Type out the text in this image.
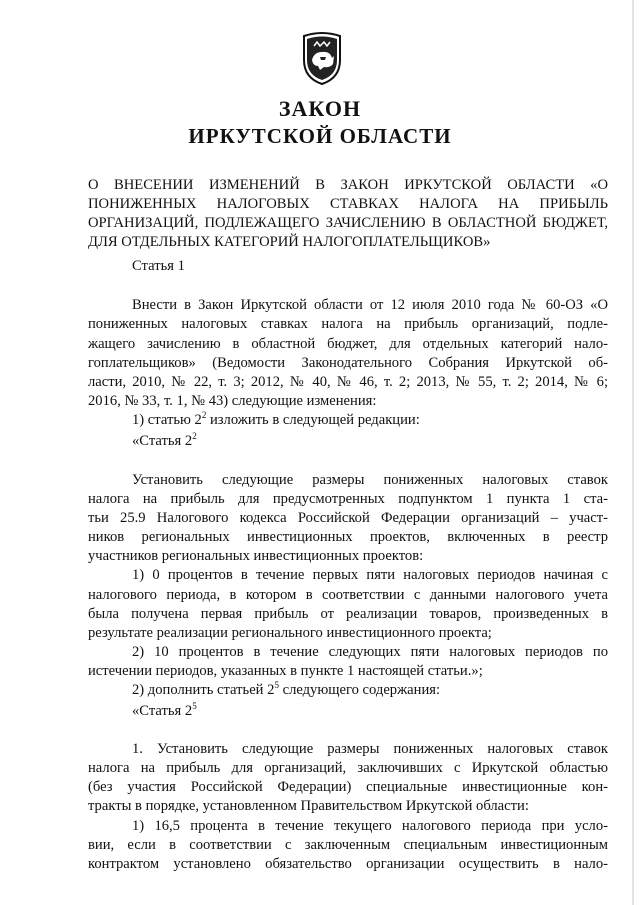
ЗАКОН
ИРКУТСКОЙ ОБЛАСТИ
О ВНЕСЕНИИ ИЗМЕНЕНИЙ В ЗАКОН ИРКУТСКОЙ ОБЛАСТИ «О ПОНИЖЕННЫХ НАЛОГОВЫХ СТАВКАХ НАЛОГА НА ПРИБЫЛЬ ОРГАНИЗАЦИЙ, ПОДЛЕЖАЩЕГО ЗАЧИСЛЕНИЮ В ОБЛАСТНОЙ БЮДЖЕТ, ДЛЯ ОТДЕЛЬНЫХ КАТЕГОРИЙ НАЛОГОПЛАТЕЛЬЩИКОВ»
Статья 1
Внести в Закон Иркутской области от 12 июля 2010 года № 60-ОЗ «О
пониженных налоговых ставках налога на прибыль организаций, подле-
жащего зачислению в областной бюджет, для отдельных категорий нало-
гоплательщиков» (Ведомости Законодательного Собрания Иркутской об-
ласти, 2010, № 22, т. 3; 2012, № 40, № 46, т. 2; 2013, № 55, т. 2; 2014, № 6;
2016, № 33, т. 1, № 43) следующие изменения:
1) статью $2^2$ изложить в следующей редакции:
«Статья $2^2$
Установить следующие размеры пониженных налоговых ставок
налога на прибыль для предусмотренных подпунктом 1 пункта 1 ста-
тьи 25.9 Налогового кодекса Российской Федерации организаций – участ-
ников региональных инвестиционных проектов, включенных в реестр
участников региональных инвестиционных проектов:
1) 0 процентов в течение первых пяти налоговых периодов начиная с
налогового периода, в котором в соответствии с данными налогового учета
была получена первая прибыль от реализации товаров, произведенных в
результате реализации регионального инвестиционного проекта;
2) 10 процентов в течение следующих пяти налоговых периодов по
истечении периодов, указанных в пункте 1 настоящей статьи.»;
2) дополнить статьей $2^5$ следующего содержания:
«Статья $2^5$
1. Установить следующие размеры пониженных налоговых ставок
налога на прибыль для организаций, заключивших с Иркутской областью
(без участия Российской Федерации) специальные инвестиционные кон-
тракты в порядке, установленном Правительством Иркутской области:
1) 16,5 процента в течение текущего налогового периода при усло-
вии, если в соответствии с заключенным специальным инвестиционным
контрактом установлено обязательство организации осуществить в нало-
